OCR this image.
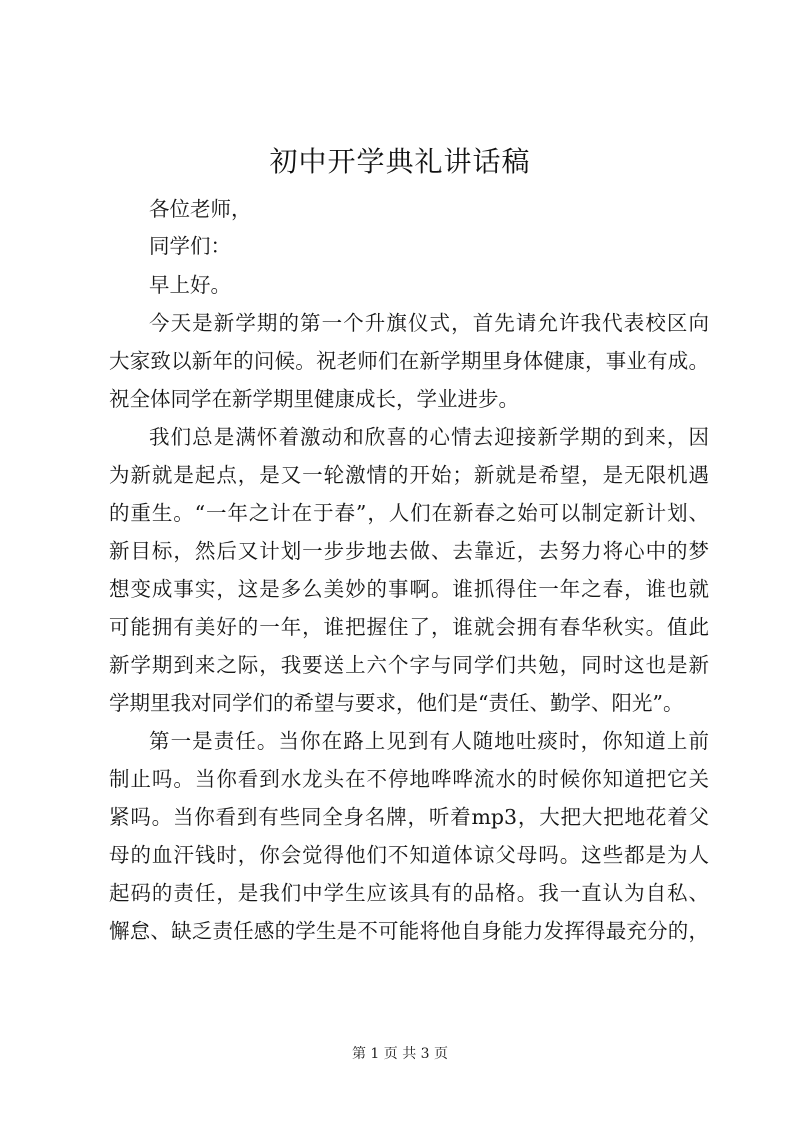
初中开学典礼讲话稿
各位老师，
同学们：
早上好。
今天是新学期的第一个升旗仪式，首先请允许我代表校区向
大家致以新年的问候。祝老师们在新学期里身体健康，事业有成。
祝全体同学在新学期里健康成长，学业进步。
我们总是满怀着激动和欣喜的心情去迎接新学期的到来，因
为新就是起点，是又一轮激情的开始；新就是希望，是无限机遇
的重生。“一年之计在于春”，人们在新春之始可以制定新计划、
新目标，然后又计划一步步地去做、去靠近，去努力将心中的梦
想变成事实，这是多么美妙的事啊。谁抓得住一年之春，谁也就
可能拥有美好的一年，谁把握住了，谁就会拥有春华秋实。值此
新学期到来之际，我要送上六个字与同学们共勉，同时这也是新
学期里我对同学们的希望与要求，他们是“责任、勤学、阳光”。
第一是责任。当你在路上见到有人随地吐痰时，你知道上前
制止吗。当你看到水龙头在不停地哗哗流水的时候你知道把它关
紧吗。当你看到有些同全身名牌，听着mp3，大把大把地花着父
母的血汗钱时，你会觉得他们不知道体谅父母吗。这些都是为人
起码的责任，是我们中学生应该具有的品格。我一直认为自私、
懈怠、缺乏责任感的学生是不可能将他自身能力发挥得最充分的，
第 1 页 共 3 页
